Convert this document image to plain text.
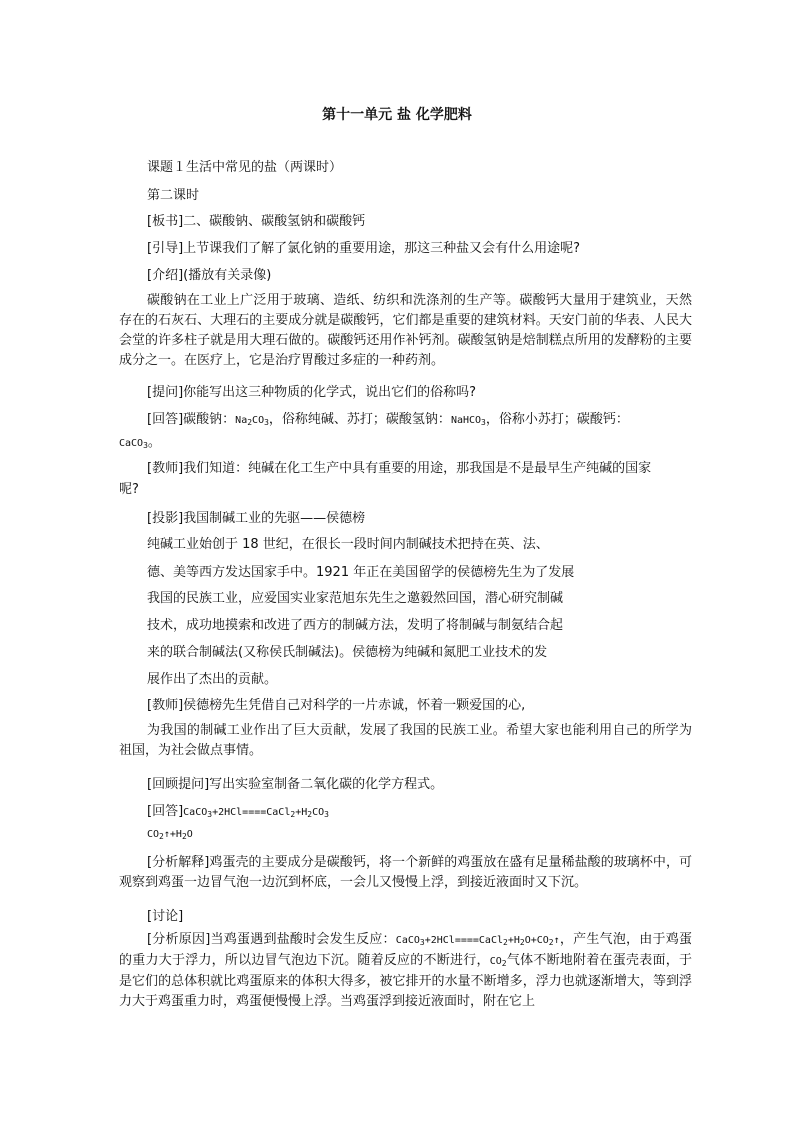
第十一单元 盐 化学肥料
课题１生活中常见的盐（两课时）
第二课时
[板书]二、碳酸钠、碳酸氢钠和碳酸钙
[引导]上节课我们了解了氯化钠的重要用途，那这三种盐又会有什么用途呢?
[介绍](播放有关录像)
碳酸钠在工业上广泛用于玻璃、造纸、纺织和洗涤剂的生产等。碳酸钙大量用于建筑业，天然存在的石灰石、大理石的主要成分就是碳酸钙，它们都是重要的建筑材料。天安门前的华表、人民大会堂的许多柱子就是用大理石做的。碳酸钙还用作补钙剂。碳酸氢钠是焙制糕点所用的发酵粉的主要成分之一。在医疗上，它是治疗胃酸过多症的一种药剂。
[提问]你能写出这三种物质的化学式，说出它们的俗称吗?
[回答]碳酸钠：$Na_2CO_3$，俗称纯碱、苏打；碳酸氢钠：NaHCO$_3$，俗称小苏打；碳酸钙：
CaCO$_3$。
[教师]我们知道：纯碱在化工生产中具有重要的用途，那我国是不是最早生产纯碱的国家
呢?
[投影]我国制碱工业的先驱——侯德榜
纯碱工业始创于 18 世纪，在很长一段时间内制碱技术把持在英、法、
德、美等西方发达国家手中。1921 年正在美国留学的侯德榜先生为了发展
我国的民族工业，应爱国实业家范旭东先生之邀毅然回国，潜心研究制碱
技术，成功地摸索和改进了西方的制碱方法，发明了将制碱与制氨结合起
来的联合制碱法(又称侯氏制碱法)。侯德榜为纯碱和氮肥工业技术的发
展作出了杰出的贡献。
[教师]侯德榜先生凭借自己对科学的一片赤诚，怀着一颗爱国的心,
为我国的制碱工业作出了巨大贡献，发展了我国的民族工业。希望大家也能利用自己的所学为祖国，为社会做点事情。
[回顾提问]写出实验室制备二氧化碳的化学方程式。
[回答]$CaCO_3+2HCl====CaCl_2+H_2CO_3$
$CO_2↑+H_2O$
[分析解释]鸡蛋壳的主要成分是碳酸钙，将一个新鲜的鸡蛋放在盛有足量稀盐酸的玻璃杯中，可观察到鸡蛋一边冒气泡一边沉到杯底，一会儿又慢慢上浮，到接近液面时又下沉。
[讨论]
[分析原因]当鸡蛋遇到盐酸时会发生反应：$CaCO_3+2HCl====CaCl_2+H_2O+CO_2↑$，产生气泡，由于鸡蛋的重力大于浮力，所以边冒气泡边下沉。随着反应的不断进行，$CO_2$气体不断地附着在蛋壳表面，于是它们的总体积就比鸡蛋原来的体积大得多，被它排开的水量不断增多，浮力也就逐渐增大，等到浮力大于鸡蛋重力时，鸡蛋便慢慢上浮。当鸡蛋浮到接近液面时，附在它上
